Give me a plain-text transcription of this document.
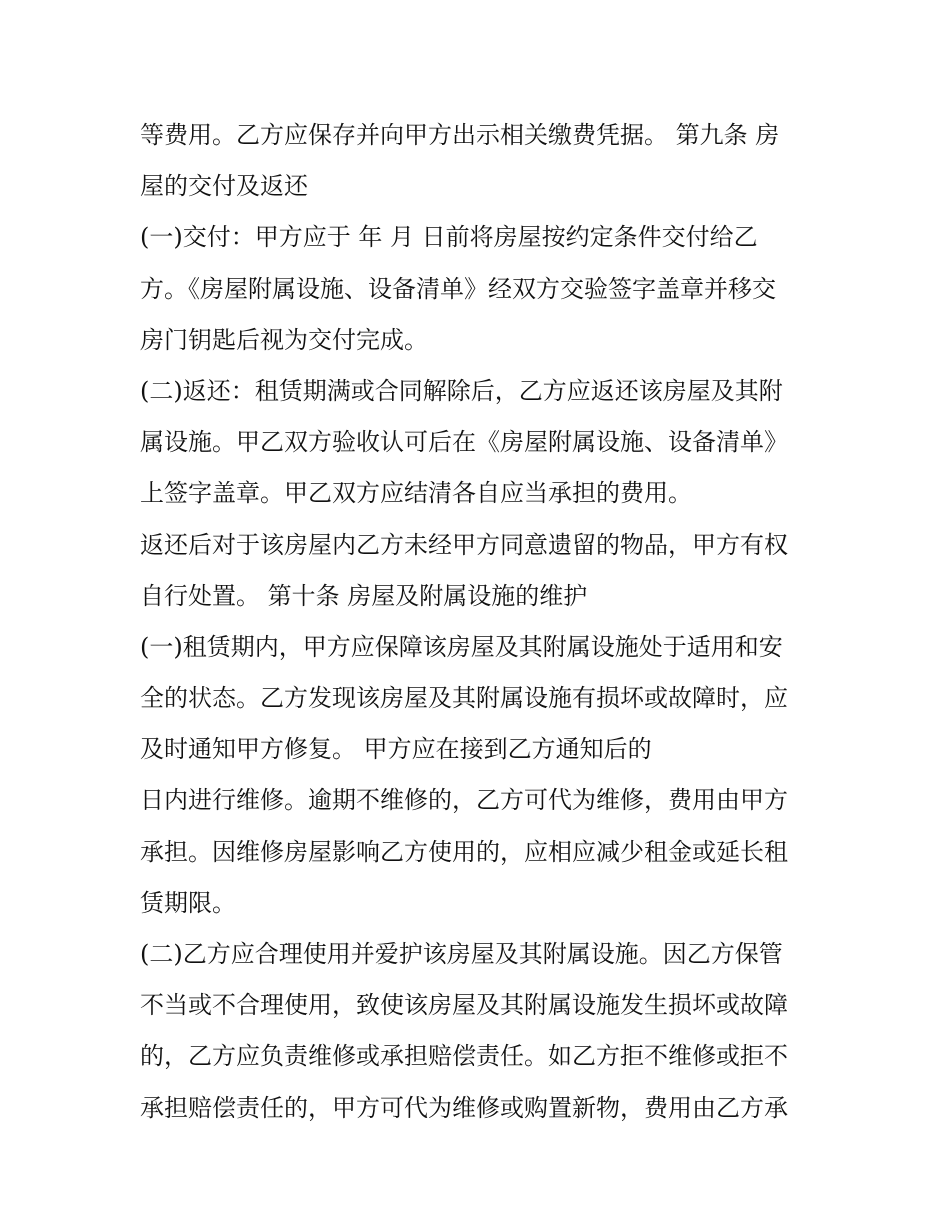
等费用。乙方应保存并向甲方出示相关缴费凭据。 第九条 房
屋的交付及返还
(一)交付：甲方应于 年 月 日前将房屋按约定条件交付给乙
方。《房屋附属设施、设备清单》经双方交验签字盖章并移交
房门钥匙后视为交付完成。
(二)返还：租赁期满或合同解除后，乙方应返还该房屋及其附
属设施。甲乙双方验收认可后在《房屋附属设施、设备清单》
上签字盖章。甲乙双方应结清各自应当承担的费用。
返还后对于该房屋内乙方未经甲方同意遗留的物品，甲方有权
自行处置。 第十条 房屋及附属设施的维护
(一)租赁期内，甲方应保障该房屋及其附属设施处于适用和安
全的状态。乙方发现该房屋及其附属设施有损坏或故障时，应
及时通知甲方修复。 甲方应在接到乙方通知后的
日内进行维修。逾期不维修的，乙方可代为维修，费用由甲方
承担。因维修房屋影响乙方使用的，应相应减少租金或延长租
赁期限。
(二)乙方应合理使用并爱护该房屋及其附属设施。因乙方保管
不当或不合理使用，致使该房屋及其附属设施发生损坏或故障
的，乙方应负责维修或承担赔偿责任。如乙方拒不维修或拒不
承担赔偿责任的，甲方可代为维修或购置新物，费用由乙方承
